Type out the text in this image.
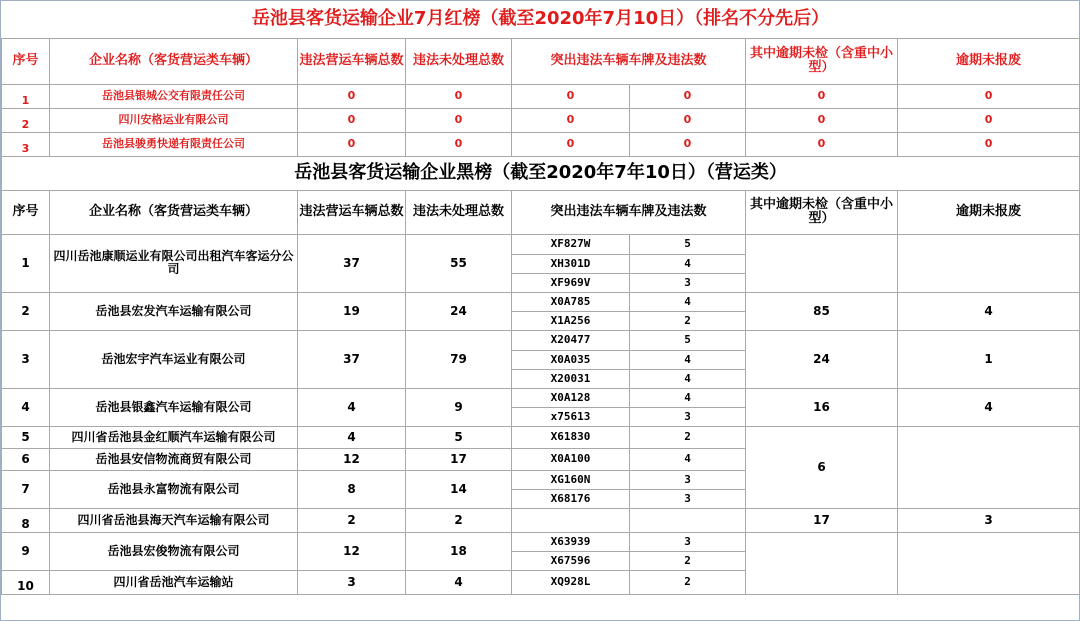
岳池县客货运输企业7月红榜（截至2020年7月10日）（排名不分先后）							
序号	企业名称（客货营运类车辆）	违法营运车辆总数	违法未处理总数	突出违法车辆车牌及违法数		其中逾期未检（含重中小型）	逾期未报废
1	岳池县银城公交有限责任公司	0	0	0	0	0	0
2	四川安格运业有限公司	0	0	0	0	0	0
3	岳池县骏勇快递有限责任公司	0	0	0	0	0	0
岳池县客货运输企业黑榜（截至2020年7年10日）（营运类）							
序号	企业名称（客货营运类车辆）	违法营运车辆总数	违法未处理总数	突出违法车辆车牌及违法数		其中逾期未检（含重中小型）	逾期未报废
1	四川岳池康顺运业有限公司出租汽车客运分公司	37	55	XF827W	5		
				XH301D	4		
				XF969V	3		
2	岳池县宏发汽车运输有限公司	19	24	X0A785	4	85	4
				X1A256	2		
3	岳池宏宇汽车运业有限公司	37	79	X20477	5	24	1
				X0A035	4		
				X20031	4		
4	岳池县银鑫汽车运输有限公司	4	9	X0A128	4	16	4
				x75613	3		
5	四川省岳池县金红顺汽车运输有限公司	4	5	X61830	2	6	
6	岳池县安信物流商贸有限公司	12	17	X0A100	4		
7	岳池县永富物流有限公司	8	14	XG160N	3		
				X68176	3		
8	四川省岳池县海天汽车运输有限公司	2	2			17	3
9	岳池县宏俊物流有限公司	12	18	X63939	3		
				X67596	2		
10	四川省岳池汽车运输站	3	4	XQ928L	2		
